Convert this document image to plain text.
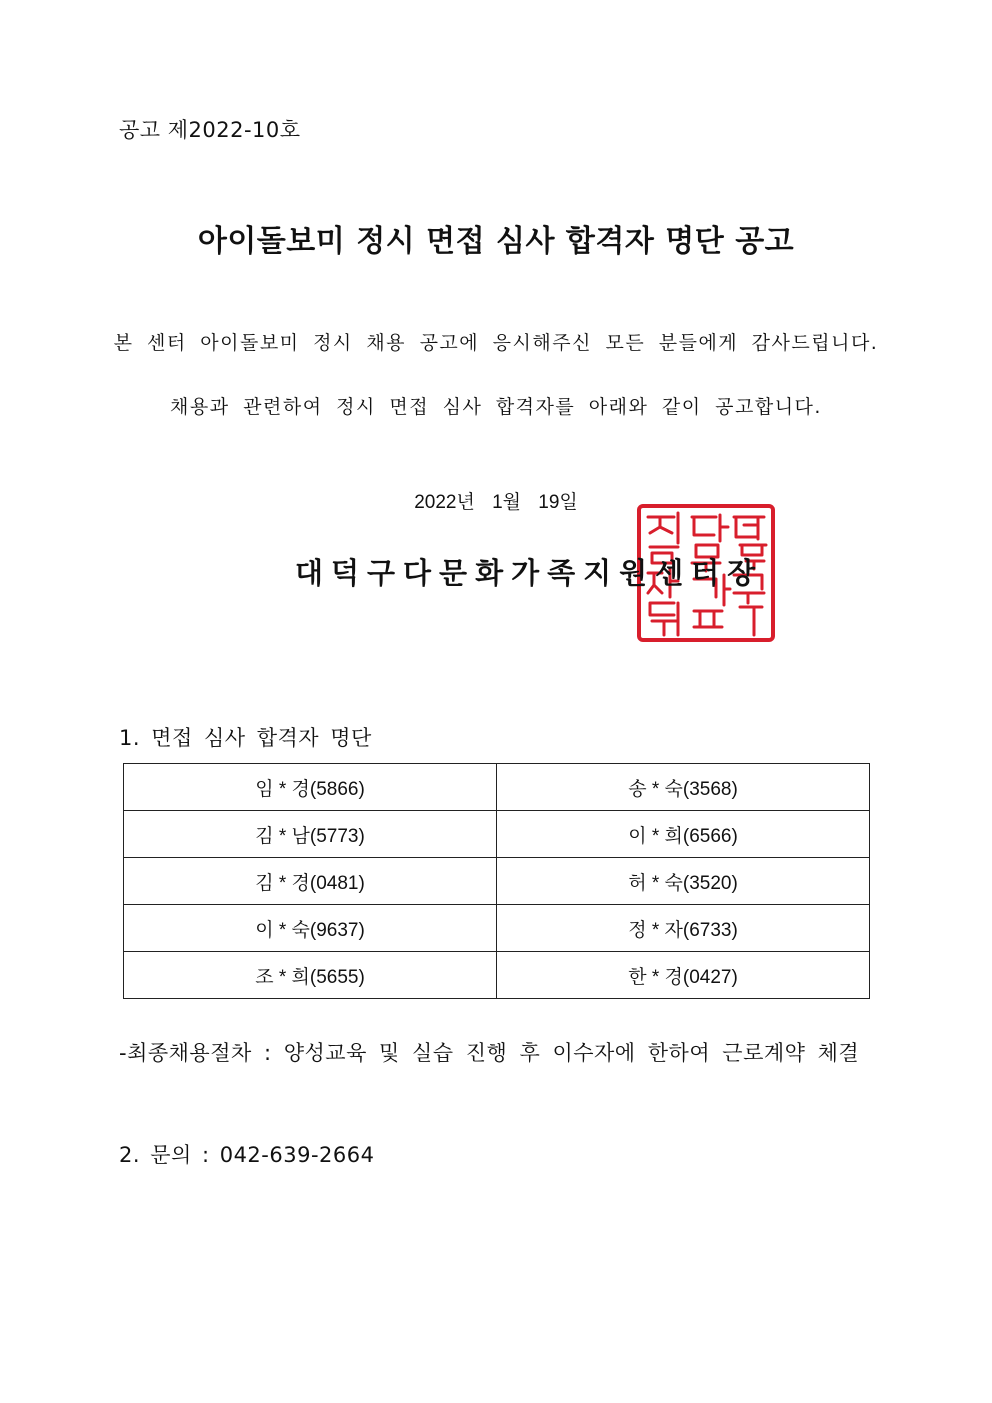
공고 제2022-10호
아이돌보미 정시 면접 심사 합격자 명단 공고
본 센터 아이돌보미 정시 채용 공고에 응시해주신 모든 분들에게 감사드립니다.
채용과 관련하여 정시 면접 심사 합격자를 아래와 같이 공고합니다.
2022년 1월 19일
대덕구다문화가족지원센터장
1. 면접 심사 합격자 명단
임 * 경(5866)	송 * 숙(3568)
김 * 남(5773)	이 * 희(6566)
김 * 경(0481)	허 * 숙(3520)
이 * 숙(9637)	정 * 자(6733)
조 * 희(5655)	한 * 경(0427)
-최종채용절차 : 양성교육 및 실습 진행 후 이수자에 한하여 근로계약 체결
2. 문의 : 042-639-2664
